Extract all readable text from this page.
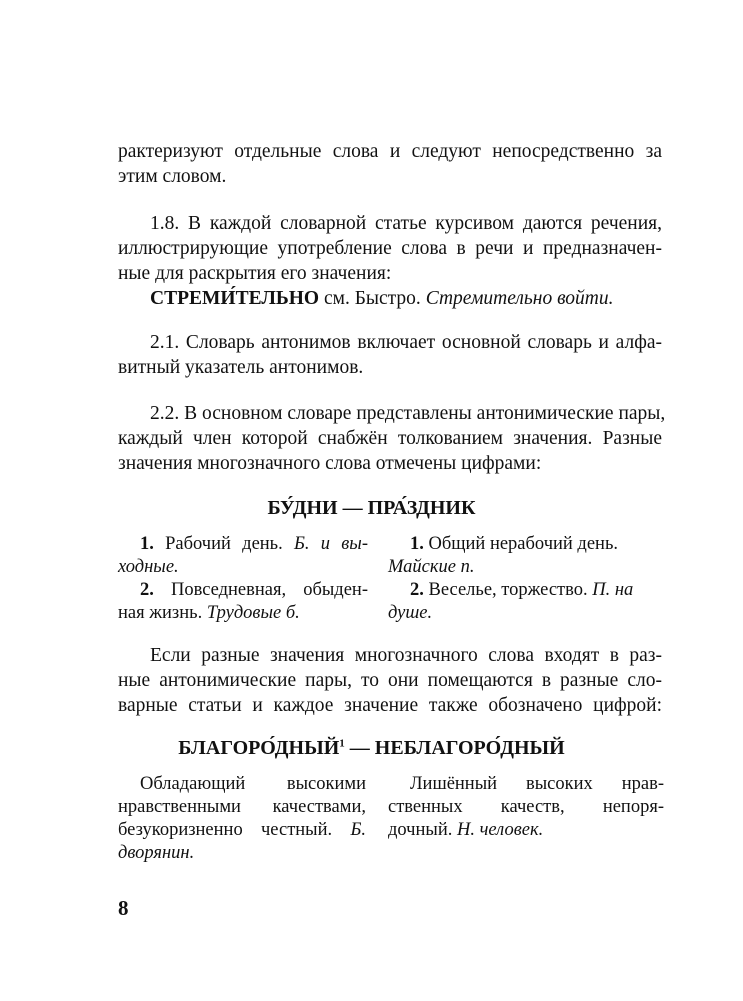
рактеризуют отдельные слова и следуют непосредственно за
этим словом.
1.8. В каждой словарной статье курсивом даются речения,
иллюстрирующие употребление слова в речи и предназначен-
ные для раскрытия его значения:
СТРЕМИ́ТЕЛЬНО см. Быстро. Стремительно войти.
2.1. Словарь антонимов включает основной словарь и алфа-
витный указатель антонимов.
2.2. В основном словаре представлены антонимические пары,
каждый член которой снабжён толкованием значения. Разные
значения многозначного слова отмечены цифрами:
БУ́ДНИ — ПРА́ЗДНИК
1. Рабочий день. Б. и вы-
ходные.
2. Повседневная, обыден-
ная жизнь. Трудовые б.
1. Общий нерабочий день.
Майские п.
2. Веселье, торжество. П. на
душе.
Если разные значения многозначного слова входят в раз-
ные антонимические пары, то они помещаются в разные сло-
варные статьи и каждое значение также обозначено цифрой:
БЛАГОРО́ДНЫЙ$^1$ — НЕБЛАГОРО́ДНЫЙ
Обладающий высокими
нравственными качествами,
безукоризненно честный. Б.
дворянин.
Лишённый высоких нрав-
ственных качеств, непоря-
дочный. Н. человек.
8
